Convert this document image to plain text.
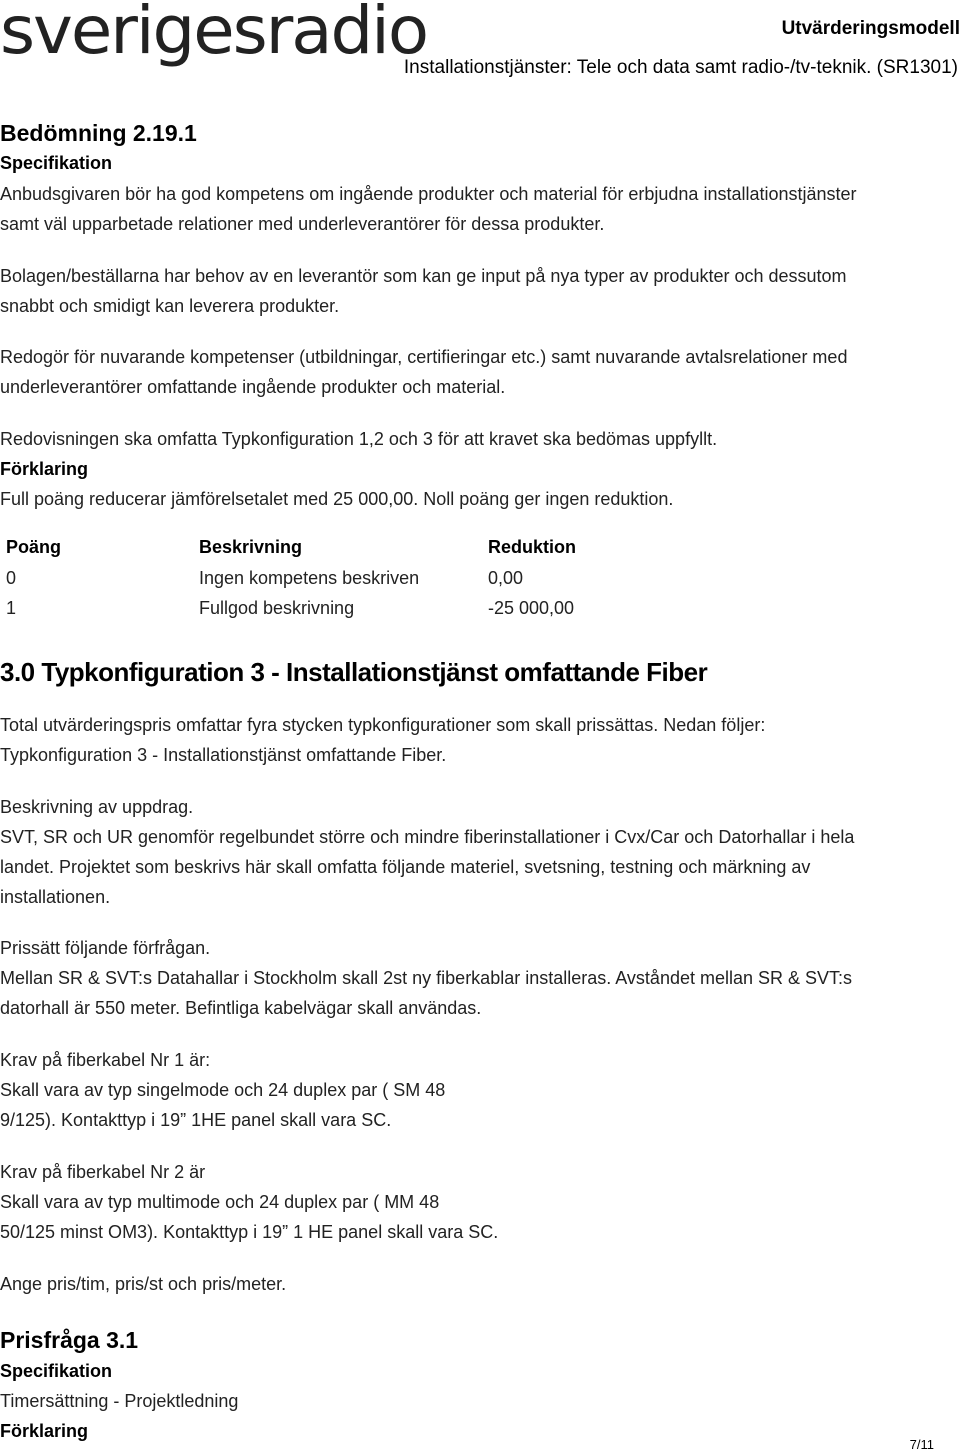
sverigesradio	Utvärderingsmodell
Installationstjänster: Tele och data samt radio-/tv-teknik. (SR1301)
Bedömning 2.19.1
Specifikation
Anbudsgivaren bör ha god kompetens om ingående produkter och material för erbjudna installationstjänster
samt väl upparbetade relationer med underleverantörer för dessa produkter.
Bolagen/beställarna har behov av en leverantör som kan ge input på nya typer av produkter och dessutom
snabbt och smidigt kan leverera produkter.
Redogör för nuvarande kompetenser (utbildningar, certifieringar etc.) samt nuvarande avtalsrelationer med
underleverantörer omfattande ingående produkter och material.
Redovisningen ska omfatta Typkonfiguration 1,2 och 3 för att kravet ska bedömas uppfyllt.
Förklaring
Full poäng reducerar jämförelsetalet med 25 000,00. Noll poäng ger ingen reduktion.
Poäng	Beskrivning	Reduktion
0	Ingen kompetens beskriven	0,00
1	Fullgod beskrivning	-25 000,00
3.0 Typkonfiguration 3 - Installationstjänst omfattande Fiber
Total utvärderingspris omfattar fyra stycken typkonfigurationer som skall prissättas. Nedan följer:
Typkonfiguration 3 - Installationstjänst omfattande Fiber.
Beskrivning av uppdrag.
SVT, SR och UR genomför regelbundet större och mindre fiberinstallationer i Cvx/Car och Datorhallar i hela
landet. Projektet som beskrivs här skall omfatta följande materiel, svetsning, testning och märkning av
installationen.
Prissätt följande förfrågan.
Mellan SR & SVT:s Datahallar i Stockholm skall 2st ny fiberkablar installeras. Avståndet mellan SR & SVT:s
datorhall är 550 meter. Befintliga kabelvägar skall användas.
Krav på fiberkabel Nr 1 är:
Skall vara av typ singelmode och 24 duplex par ( SM 48
9/125). Kontakttyp i 19” 1HE panel skall vara SC.
Krav på fiberkabel Nr 2 är
Skall vara av typ multimode och 24 duplex par ( MM 48
50/125 minst OM3). Kontakttyp i 19” 1 HE panel skall vara SC.
Ange pris/tim, pris/st och pris/meter.
Prisfråga 3.1
Specifikation
Timersättning - Projektledning
Förklaring
7/11
